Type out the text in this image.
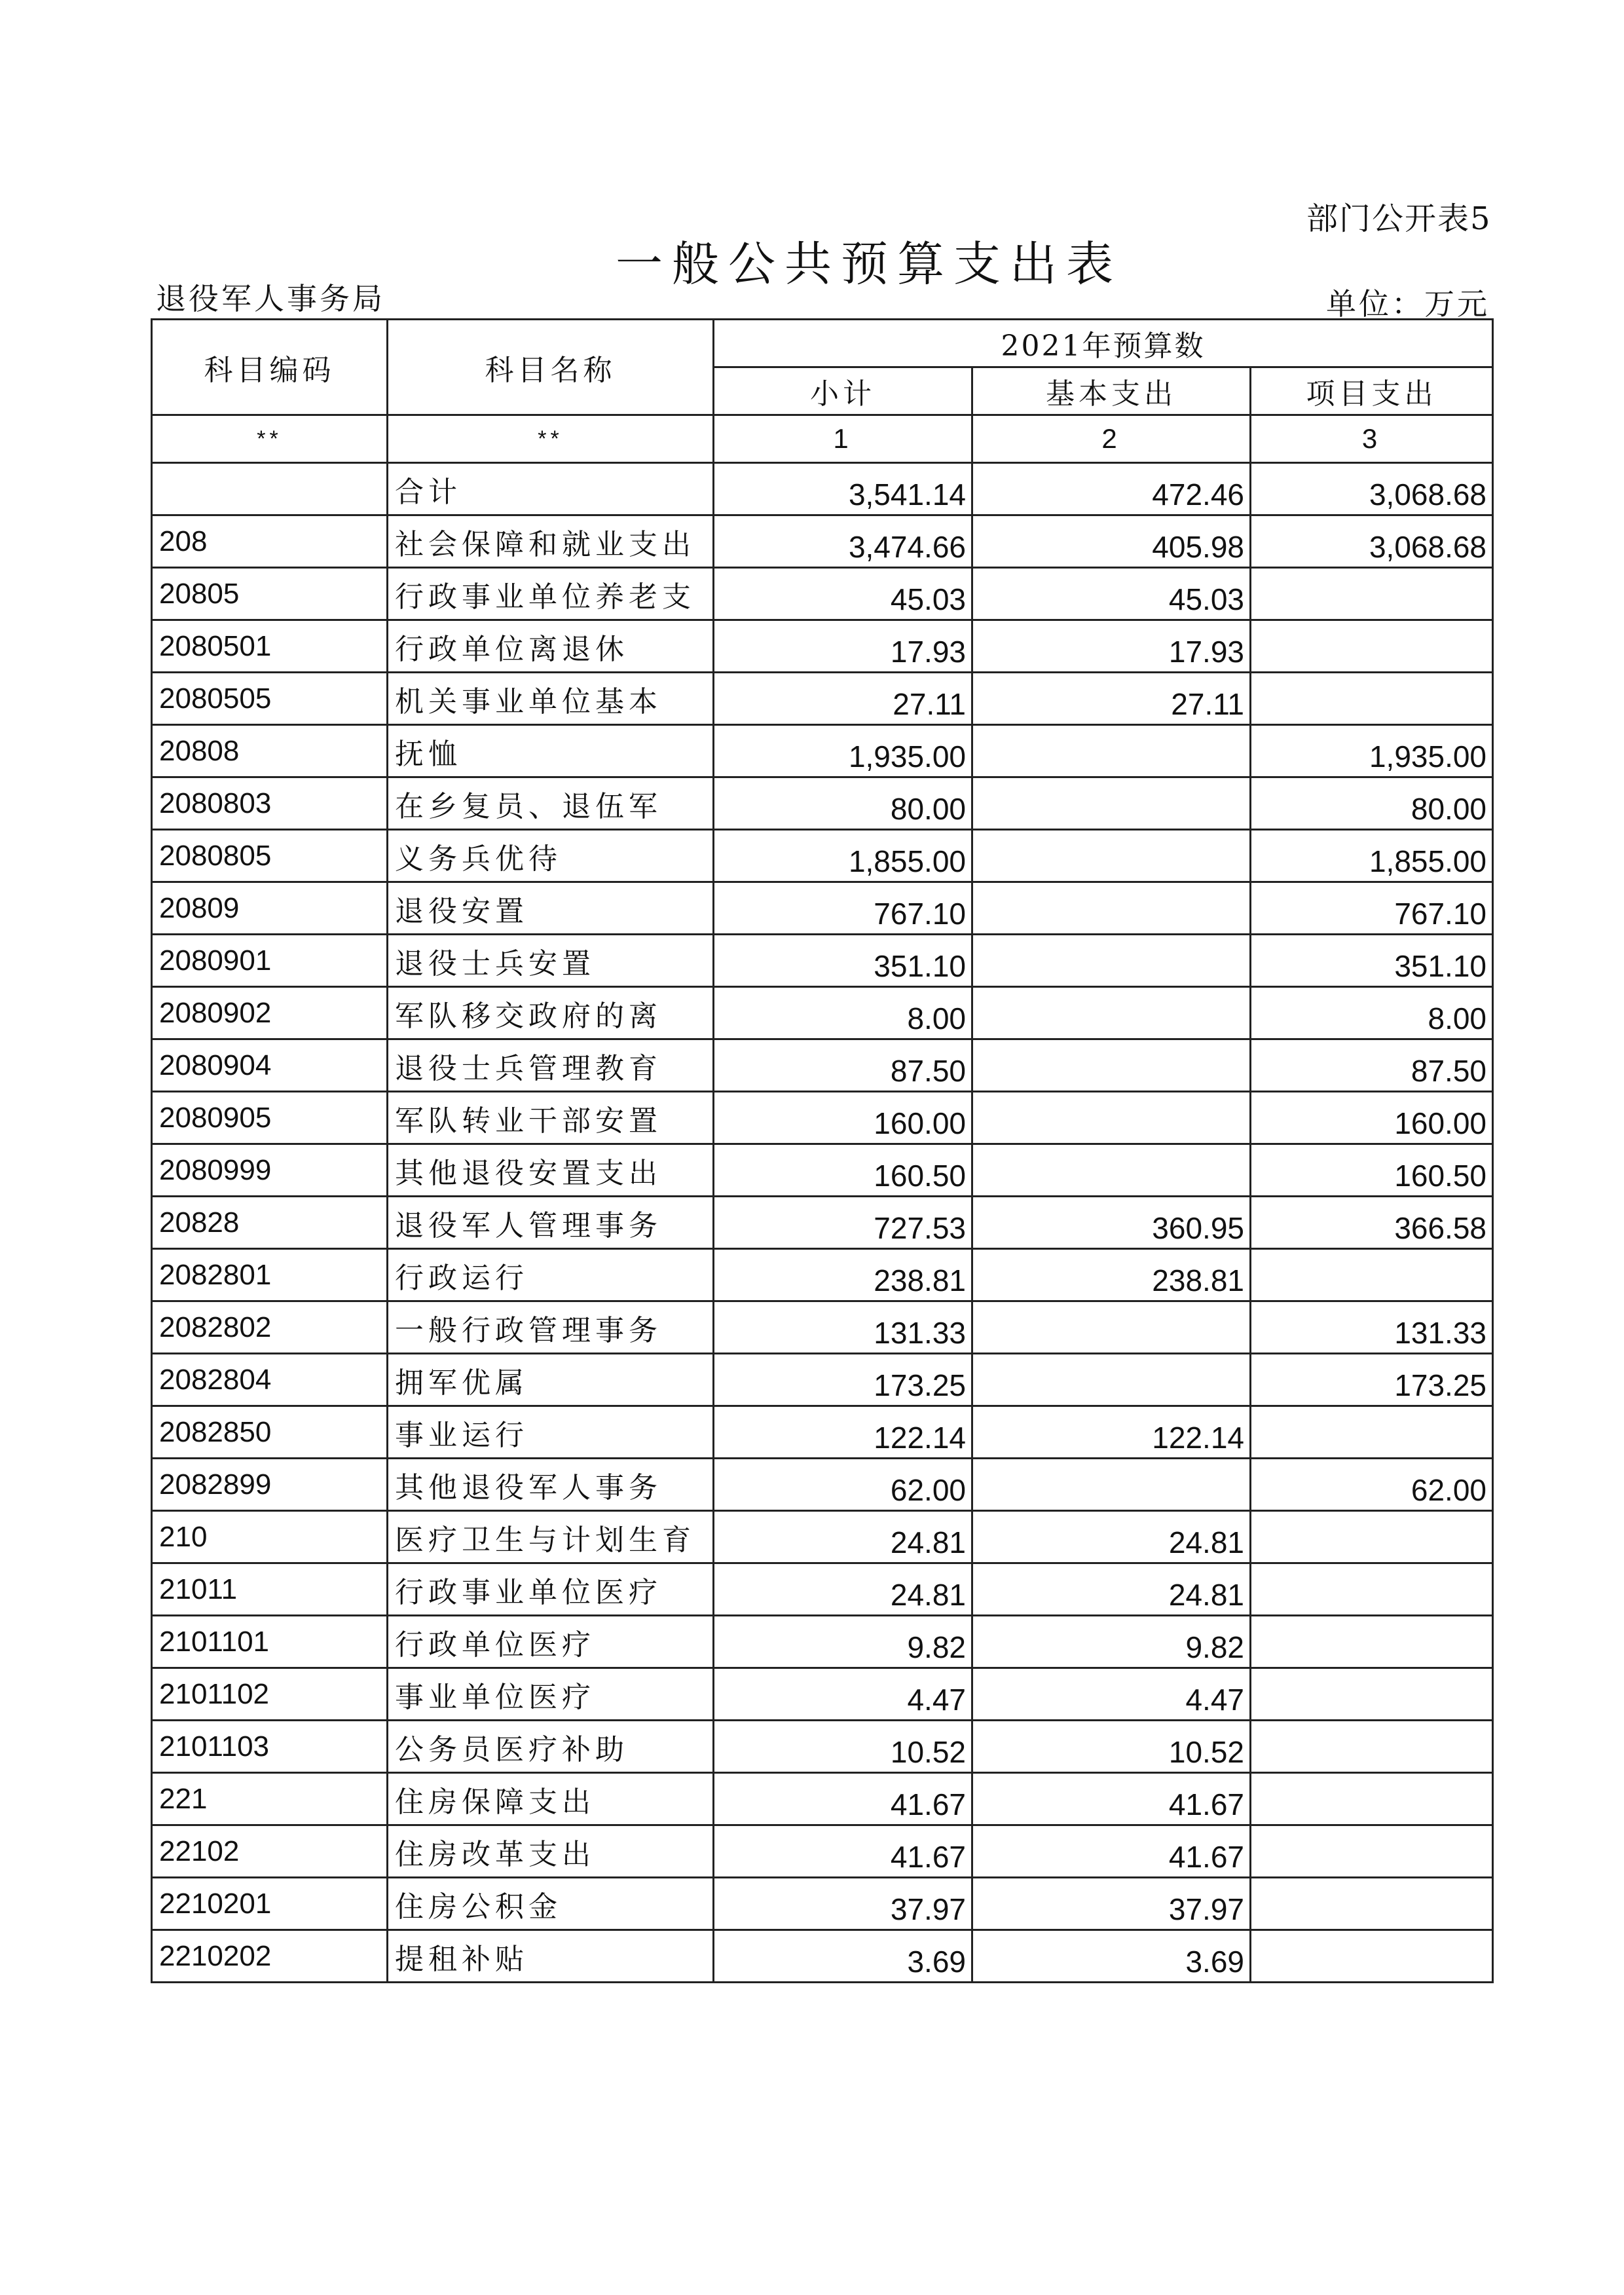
部门公开表5
一般公共预算支出表
退役军人事务局	单位：万元
科目编码	科目名称	2021年预算数		
		小计	基本支出	项目支出
**	**	1	2	3
	合计	3,541.14	472.46	3,068.68
208	社会保障和就业支出	3,474.66	405.98	3,068.68
20805	行政事业单位养老支	45.03	45.03	
2080501	行政单位离退休	17.93	17.93	
2080505	机关事业单位基本	27.11	27.11	
20808	抚恤	1,935.00		1,935.00
2080803	在乡复员、退伍军	80.00		80.00
2080805	义务兵优待	1,855.00		1,855.00
20809	退役安置	767.10		767.10
2080901	退役士兵安置	351.10		351.10
2080902	军队移交政府的离	8.00		8.00
2080904	退役士兵管理教育	87.50		87.50
2080905	军队转业干部安置	160.00		160.00
2080999	其他退役安置支出	160.50		160.50
20828	退役军人管理事务	727.53	360.95	366.58
2082801	行政运行	238.81	238.81	
2082802	一般行政管理事务	131.33		131.33
2082804	拥军优属	173.25		173.25
2082850	事业运行	122.14	122.14	
2082899	其他退役军人事务	62.00		62.00
210	医疗卫生与计划生育	24.81	24.81	
21011	行政事业单位医疗	24.81	24.81	
2101101	行政单位医疗	9.82	9.82	
2101102	事业单位医疗	4.47	4.47	
2101103	公务员医疗补助	10.52	10.52	
221	住房保障支出	41.67	41.67	
22102	住房改革支出	41.67	41.67	
2210201	住房公积金	37.97	37.97	
2210202	提租补贴	3.69	3.69	
